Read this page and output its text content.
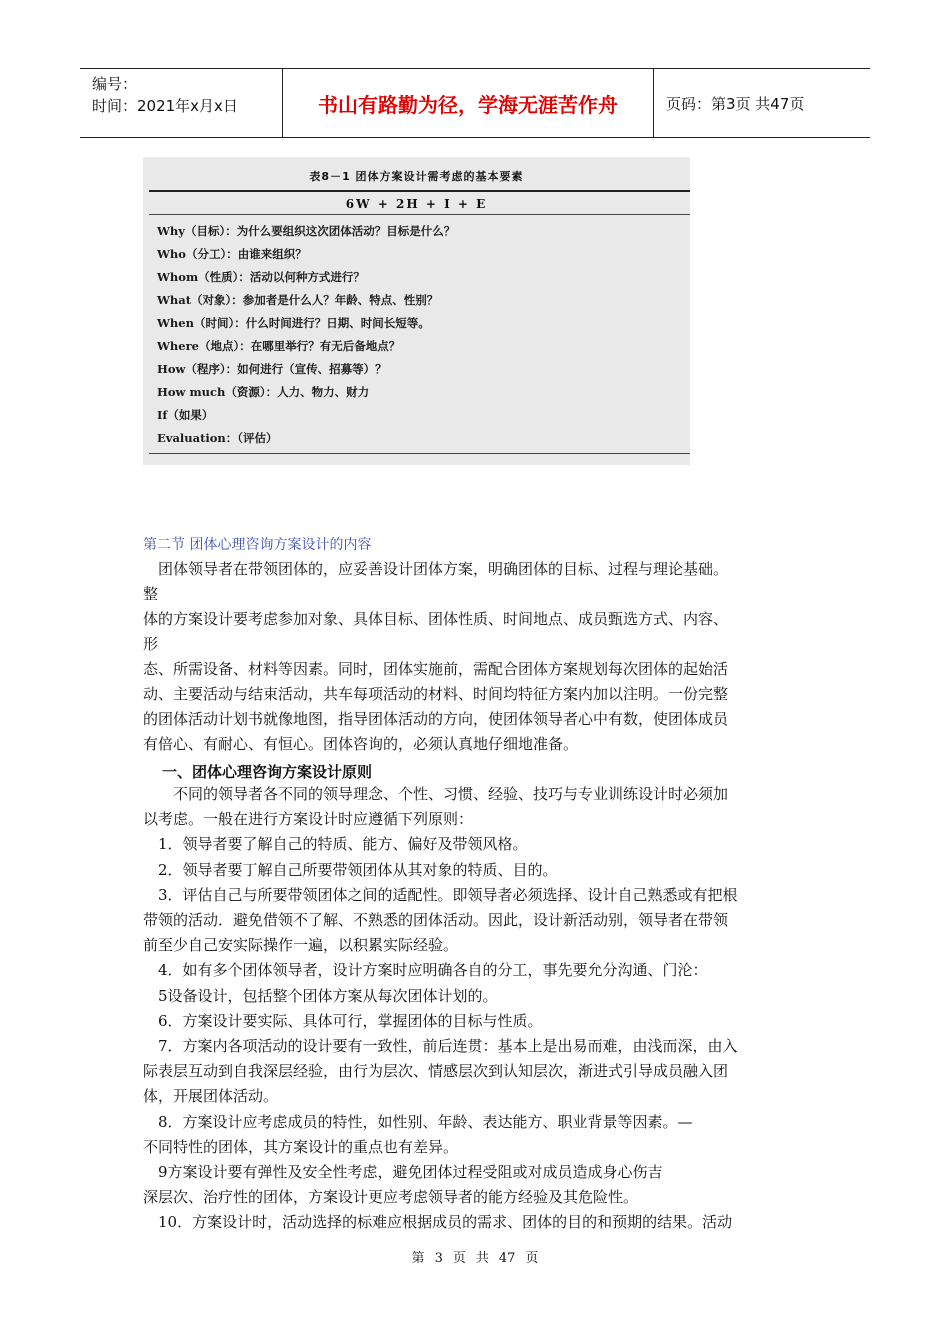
编号：
时间：2021年x月x日	书山有路勤为径，学海无涯苦作舟	页码：第3页 共47页
表8－1 团体方案设计需考虑的基本要素
6W + 2H + I + E
Why（目标）：为什么要组织这次团体活动？目标是什么？
Who（分工）：由谁来组织？
Whom（性质）：活动以何种方式进行？
What（对象）：参加者是什么人？年龄、特点、性别？
When（时间）：什么时间进行？日期、时间长短等。
Where（地点）：在哪里举行？有无后备地点？
How（程序）：如何进行（宣传、招募等）？
How much（资源）：人力、物力、财力
If（如果）
Evaluation：（评估）
第二节 团体心理咨询方案设计的内容
　团体领导者在带领团体的，应妥善设计团体方案，明确团体的目标、过程与理论基础。
整
体的方案设计要考虑参加对象、具体目标、团体性质、时间地点、成员甄选方式、内容、
形
态、所需设备、材料等因素。同时，团体实施前，需配合团体方案规划每次团体的起始活
动、主要活动与结束活动，共车每项活动的材料、时间均特征方案内加以注明。一份完整
的团体活动计划书就像地图，指导团体活动的方向，使团体领导者心中有数，使团体成员
有倍心、有耐心、有恒心。团体咨询的，必须认真地仔细地准备。
一、团体心理咨询方案设计原则
　　不同的领导者各不同的领导理念、个性、习惯、经验、技巧与专业训练设计时必须加
以考虑。一般在进行方案设计时应遵循下列原则：
　1．领导者要了解自己的特质、能方、偏好及带领风格。
　2．领导者要丁解自己所要带领团体从其对象的特质、目的。
　3．评估自己与所要带领团体之间的适配性。即领导者必须选择、设计自己熟悉或有把根
带领的活动．避免借领不了解、不熟悉的团体活动。因此，设计新活动别，领导者在带领
前至少自己安实际操作一遍，以积累实际经验。
　4．如有多个团体领导者，设计方案时应明确各自的分工，事先要允分沟通、门沦：
　5设备设计，包括整个团体方案从每次团体计划的。
　6．方案设计要实际、具体可行，掌握团体的目标与性质。
　7．方案内各项活动的设计要有一致性，前后连贯：基本上是出易而难，由浅而深，由入
际表层互动到自我深层经验，由行为层次、情感层次到认知层次，渐进式引导成员融入团
体，开展团体活动。
　8．方案设计应考虑成员的特性，如性别、年龄、表达能方、职业背景等因素。—
不同特性的团体，其方案设计的重点也有差异。
　9方案设计要有弹性及安全性考虑，避免团体过程受阻或对成员造成身心伤吉
深层次、治疗性的团体，方案设计更应考虑领导者的能方经验及其危险性。
　10．方案设计时，活动选择的标难应根据成员的需求、团体的目的和预期的结果。活动
第 3 页 共 47 页
